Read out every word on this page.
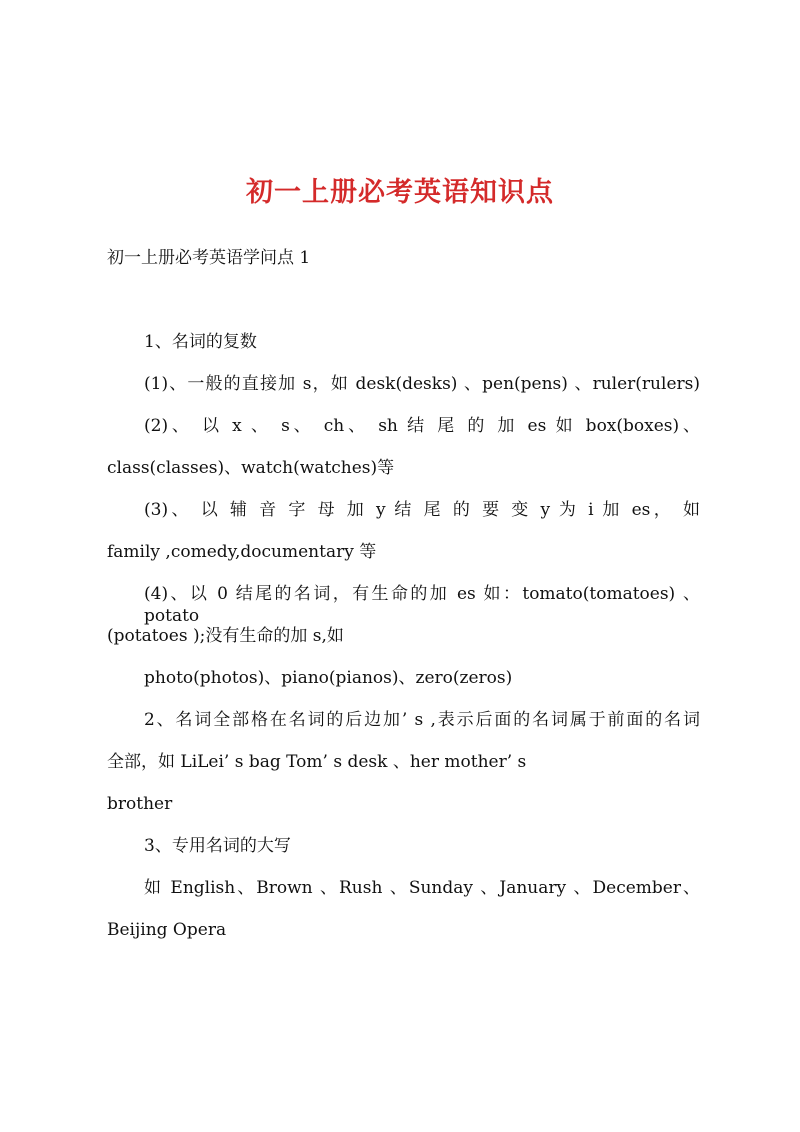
初一上册必考英语知识点
初一上册必考英语学问点 1
1、名词的复数
(1)、一般的直接加 s，如 desk(desks) 、pen(pens) 、ruler(rulers)
(2)、 以 x 、 s、 ch、 sh 结 尾 的 加 es 如 box(boxes)、
class(classes)、watch(watches)等
(3)、 以 辅 音 字 母 加 y 结 尾 的 要 变 y 为 i 加 es， 如
family ,comedy,documentary 等
(4)、以 0 结尾的名词，有生命的加 es 如：tomato(tomatoes) 、potato
(potatoes );没有生命的加 s,如
photo(photos)、piano(pianos)、zero(zeros)
2、名词全部格在名词的后边加’ s ,表示后面的名词属于前面的名词
全部，如 LiLei’ s bag Tom’ s desk 、her mother’ s
brother
3、专用名词的大写
如 English、Brown 、Rush 、Sunday 、January 、December、
Beijing Opera
